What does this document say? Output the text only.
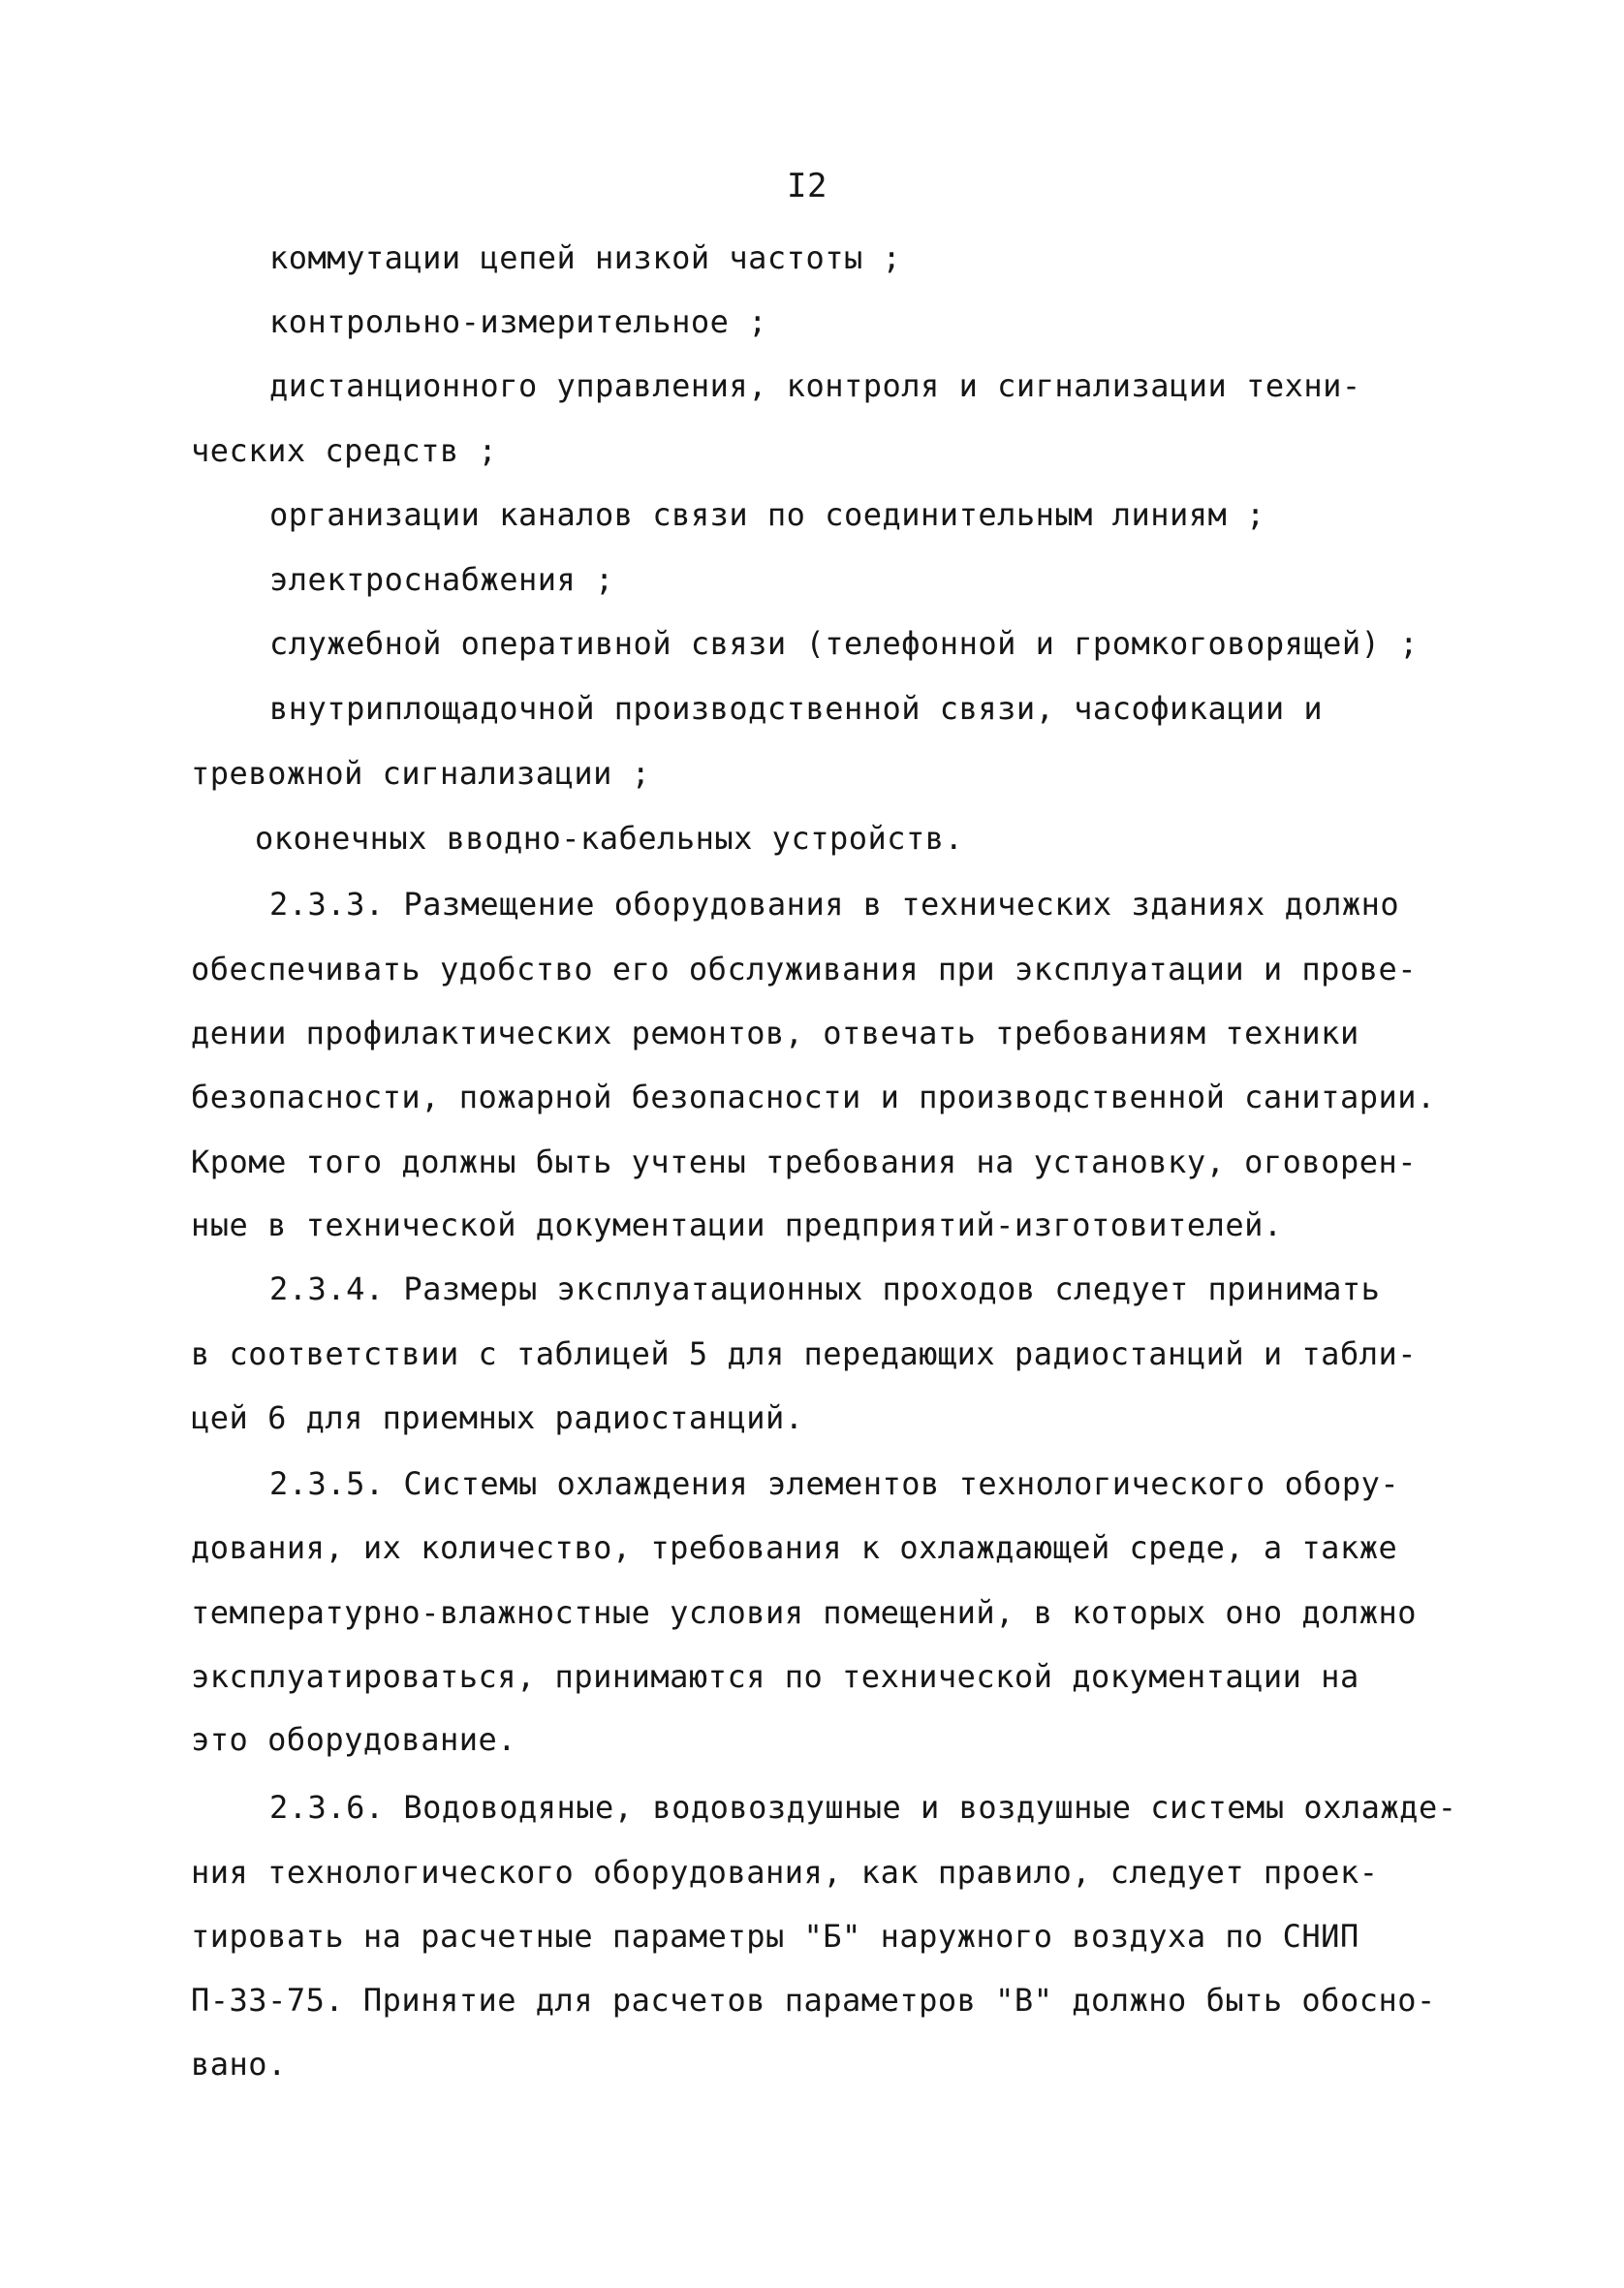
I2
коммутации цепей низкой частоты ;
контрольно-измерительное ;
дистанционного управления, контроля и сигнализации техни-
ческих средств ;
организации каналов связи по соединительным линиям ;
электроснабжения ;
служебной оперативной связи (телефонной и громкоговорящей) ;
внутриплощадочной производственной связи, часофикации и
тревожной сигнализации ;
оконечных вводно-кабельных устройств.
2.3.3. Размещение оборудования в технических зданиях должно
обеспечивать удобство его обслуживания при эксплуатации и прове-
дении профилактических ремонтов, отвечать требованиям техники
безопасности, пожарной безопасности и производственной санитарии.
Кроме того должны быть учтены требования на установку, оговорен-
ные в технической документации предприятий-изготовителей.
2.3.4. Размеры эксплуатационных проходов следует принимать
в соответствии с таблицей 5 для передающих радиостанций и табли-
цей 6 для приемных радиостанций.
2.3.5. Системы охлаждения элементов технологического обору-
дования, их количество, требования к охлаждающей среде, а также
температурно-влажностные условия помещений, в которых оно должно
эксплуатироваться, принимаются по технической документации на
это оборудование.
2.3.6. Водоводяные, водовоздушные и воздушные системы охлажде-
ния технологического оборудования, как правило, следует проек-
тировать на расчетные параметры "Б" наружного воздуха по СНИП
П-33-75. Принятие для расчетов параметров "В" должно быть обосно-
вано.
